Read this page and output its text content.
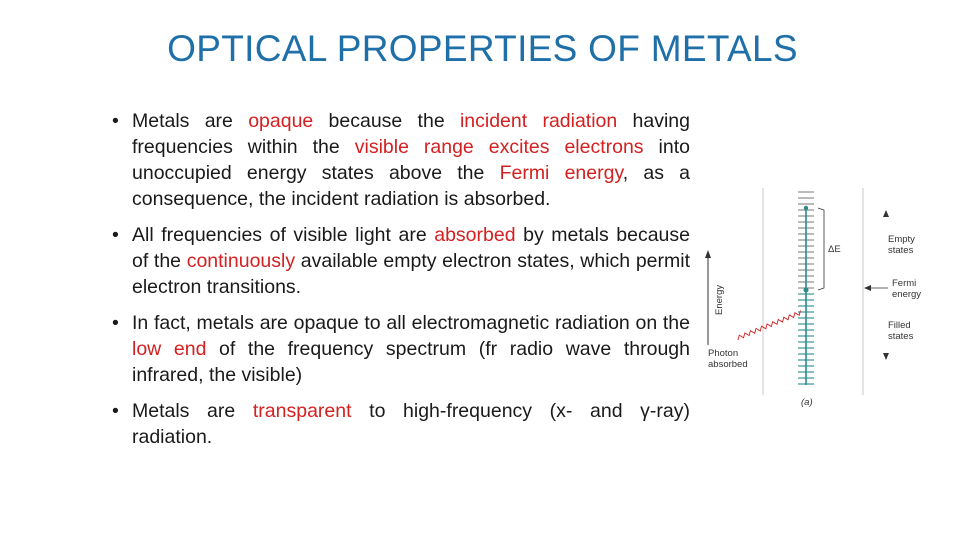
OPTICAL PROPERTIES OF METALS
• Metals are opaque because the incident radiation having frequencies within the visible range excites electrons into unoccupied energy states above the Fermi energy, as a consequence, the incident radiation is absorbed.
• All frequencies of visible light are absorbed by metals because of the continuously available empty electron states, which permit electron transitions.
• In fact, metals are opaque to all electromagnetic radiation on the low end of the frequency spectrum (fr radio wave through infrared, the visible)
• Metals are transparent to high-frequency (x- and γ-ray) radiation.
Energy
Photon
absorbed
ΔE
Empty
states
Fermi
energy
Filled
states
(a)
